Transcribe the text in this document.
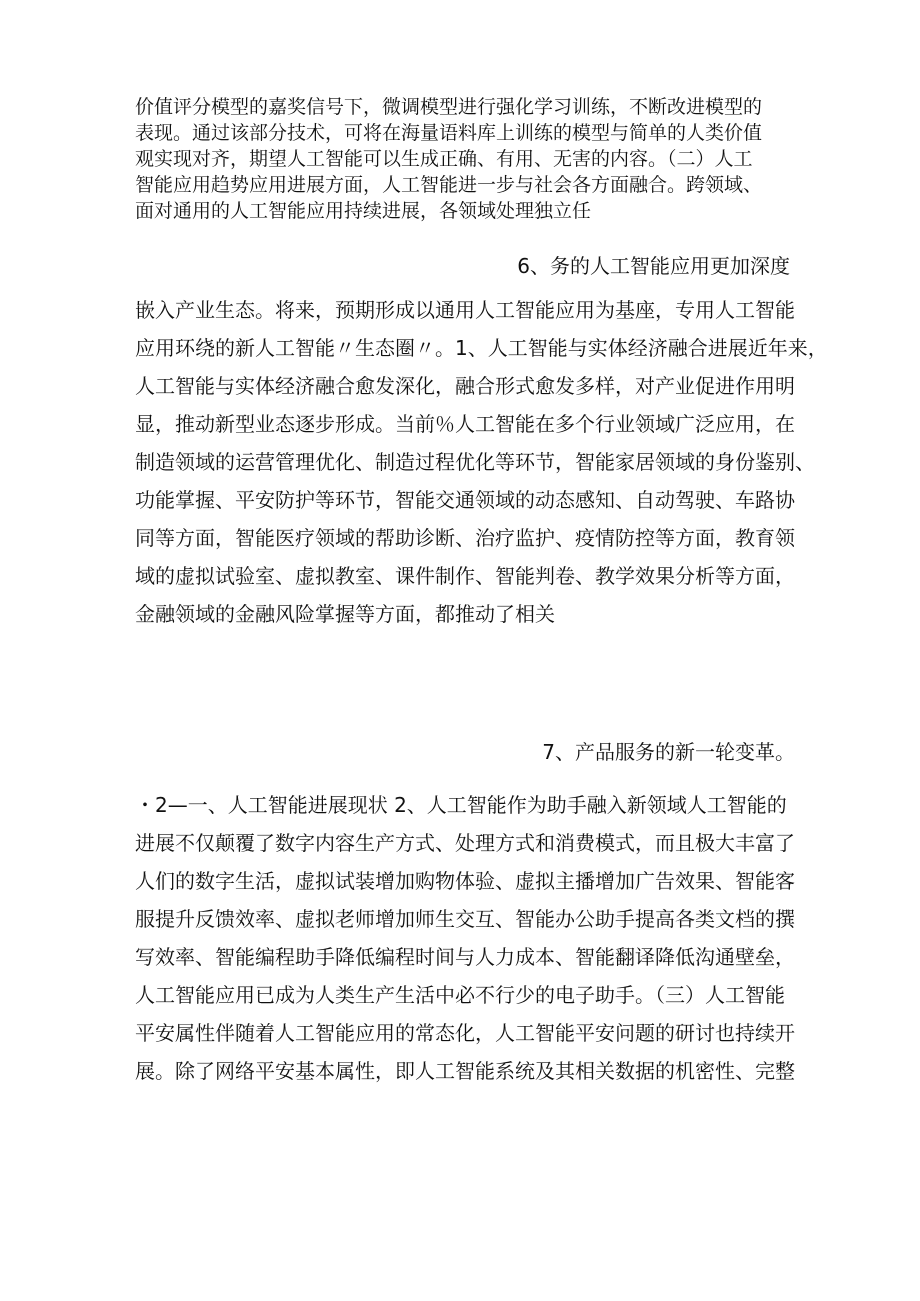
价值评分模型的嘉奖信号下，微调模型进行强化学习训练，不断改进模型的
表现。通过该部分技术，可将在海量语料库上训练的模型与简单的人类价值
观实现对齐，期望人工智能可以生成正确、有用、无害的内容。（二）人工
智能应用趋势应用进展方面，人工智能进一步与社会各方面融合。跨领域、
面对通用的人工智能应用持续进展，各领域处理独立任
6、务的人工智能应用更加深度
嵌入产业生态。将来，预期形成以通用人工智能应用为基座，专用人工智能
应用环绕的新人工智能〃生态圈〃。1、人工智能与实体经济融合进展近年来，
人工智能与实体经济融合愈发深化，融合形式愈发多样，对产业促进作用明
显，推动新型业态逐步形成。当前％人工智能在多个行业领域广泛应用，在
制造领域的运营管理优化、制造过程优化等环节，智能家居领域的身份鉴别、
功能掌握、平安防护等环节，智能交通领域的动态感知、自动驾驶、车路协
同等方面，智能医疗领域的帮助诊断、治疗监护、疫情防控等方面，教育领
域的虚拟试验室、虚拟教室、课件制作、智能判卷、教学效果分析等方面，
金融领域的金融风险掌握等方面，都推动了相关
7、产品服务的新一轮变革。
・2—一、人工智能进展现状 2、人工智能作为助手融入新领域人工智能的
进展不仅颠覆了数字内容生产方式、处理方式和消费模式，而且极大丰富了
人们的数字生活，虚拟试装增加购物体验、虚拟主播增加广告效果、智能客
服提升反馈效率、虚拟老师增加师生交互、智能办公助手提高各类文档的撰
写效率、智能编程助手降低编程时间与人力成本、智能翻译降低沟通壁垒，
人工智能应用已成为人类生产生活中必不行少的电子助手。（三）人工智能
平安属性伴随着人工智能应用的常态化，人工智能平安问题的研讨也持续开
展。除了网络平安基本属性，即人工智能系统及其相关数据的机密性、完整
